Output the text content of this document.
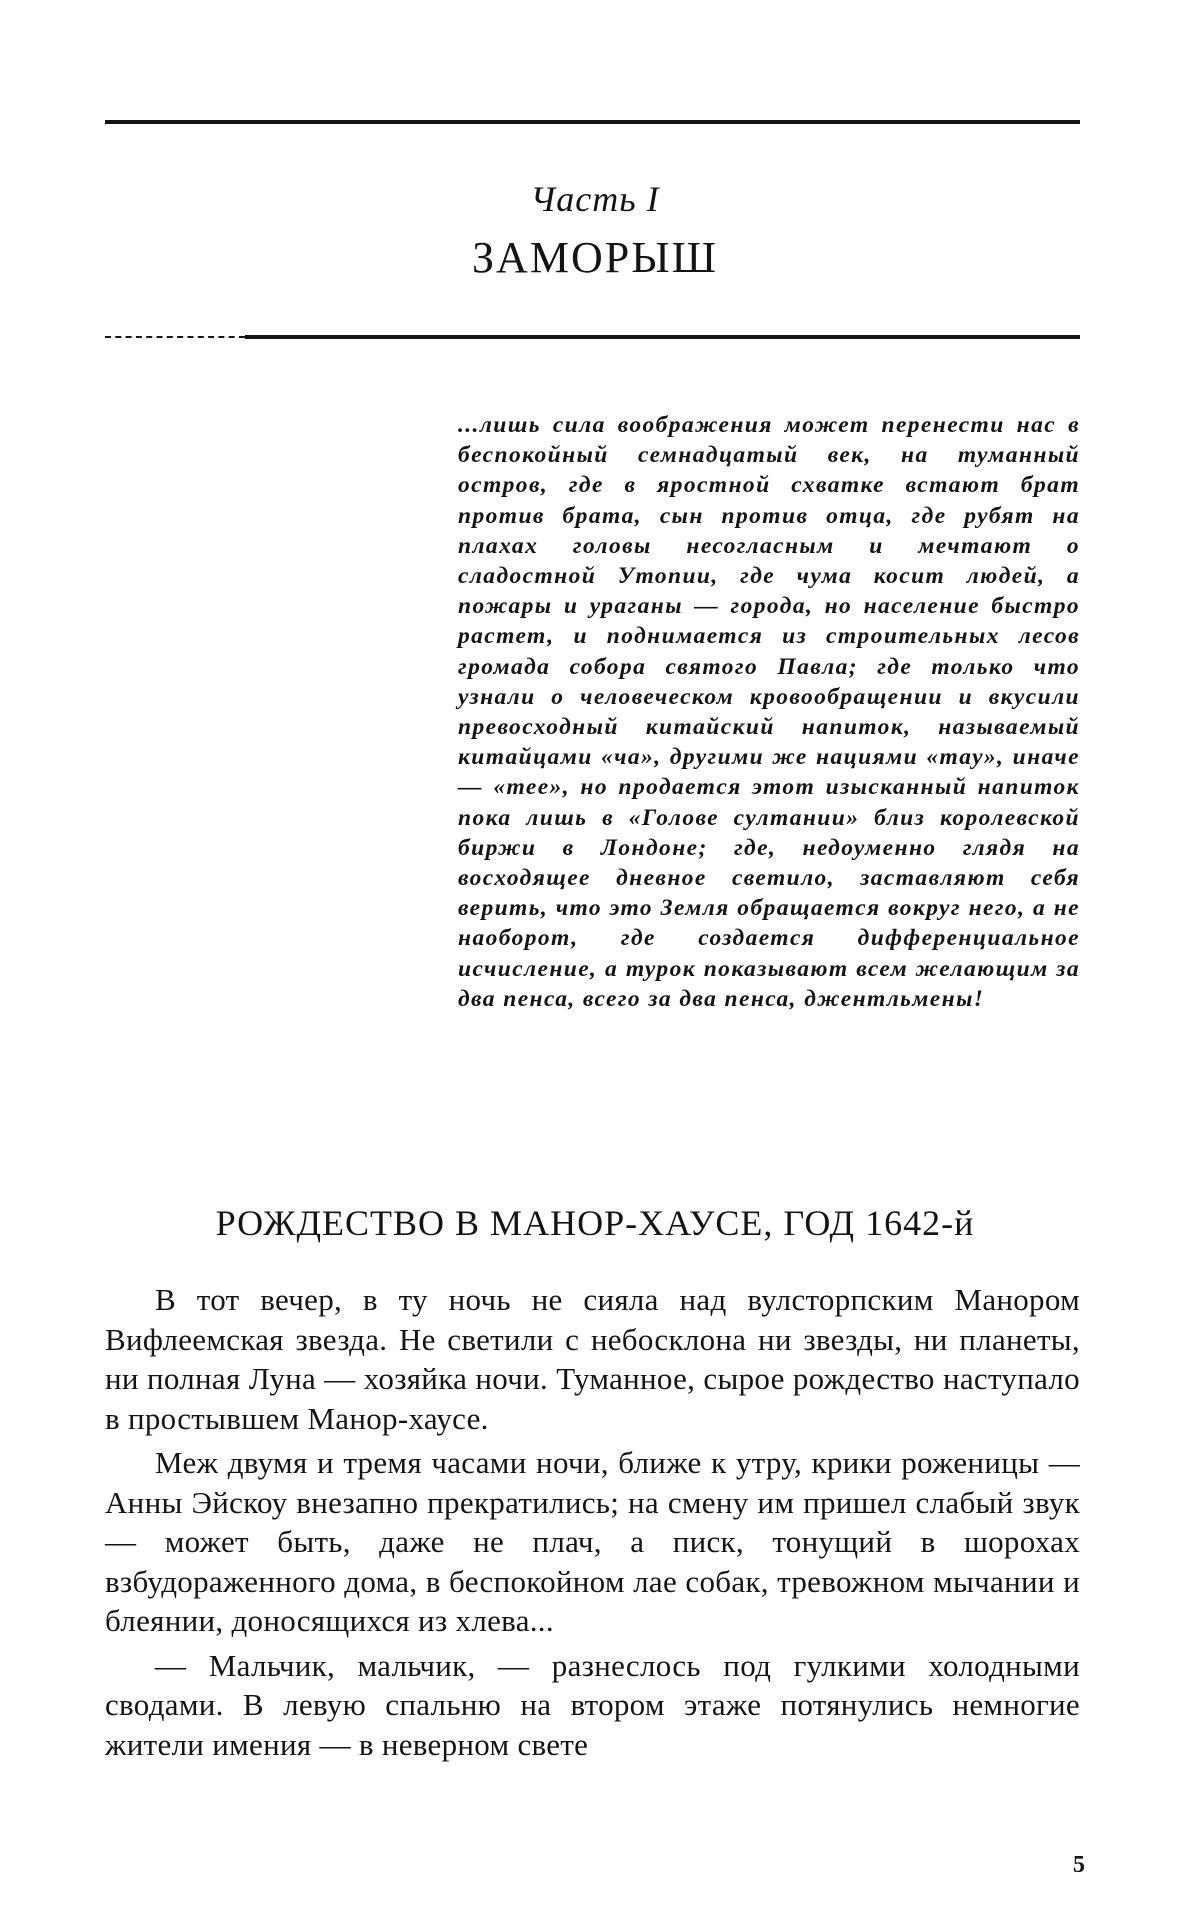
Часть I
ЗАМОРЫШ

...лишь сила воображения может перенести нас в беспокойный семнадцатый век, на туманный остров, где в яростной схватке встают брат против брата, сын против отца, где рубят на плахах головы несогласным и мечтают о сладостной Утопии, где чума косит людей, а пожары и ураганы — города, но население быстро растет, и поднимается из строительных лесов громада собора святого Павла; где только что узнали о человеческом кровообращении и вкусили превосходный китайский напиток, называемый китайцами «ча», другими же нациями «тау», иначе — «тее», но продается этот изысканный напиток пока лишь в «Голове султании» близ королевской биржи в Лондоне; где, недоуменно глядя на восходящее дневное светило, заставляют себя верить, что это Земля обращается вокруг него, а не наоборот, где создается дифференциальное исчисление, а турок показывают всем желающим за два пенса, всего за два пенса, джентльмены!

РОЖДЕСТВО В МАНОР-ХАУСЕ, ГОД 1642-й

В тот вечер, в ту ночь не сияла над вулсторпским Манором Вифлеемская звезда. Не светили с небосклона ни звезды, ни планеты, ни полная Луна — хозяйка ночи. Туманное, сырое рождество наступало в простывшем Манор-хаусе.

Меж двумя и тремя часами ночи, ближе к утру, крики роженицы — Анны Эйскоу внезапно прекратились; на смену им пришел слабый звук — может быть, даже не плач, а писк, тонущий в шорохах взбудораженного дома, в беспокойном лае собак, тревожном мычании и блеянии, доносящихся из хлева...

— Мальчик, мальчик, — разнеслось под гулкими холодными сводами. В левую спальню на втором этаже потянулись немногие жители имения — в неверном свете

5
